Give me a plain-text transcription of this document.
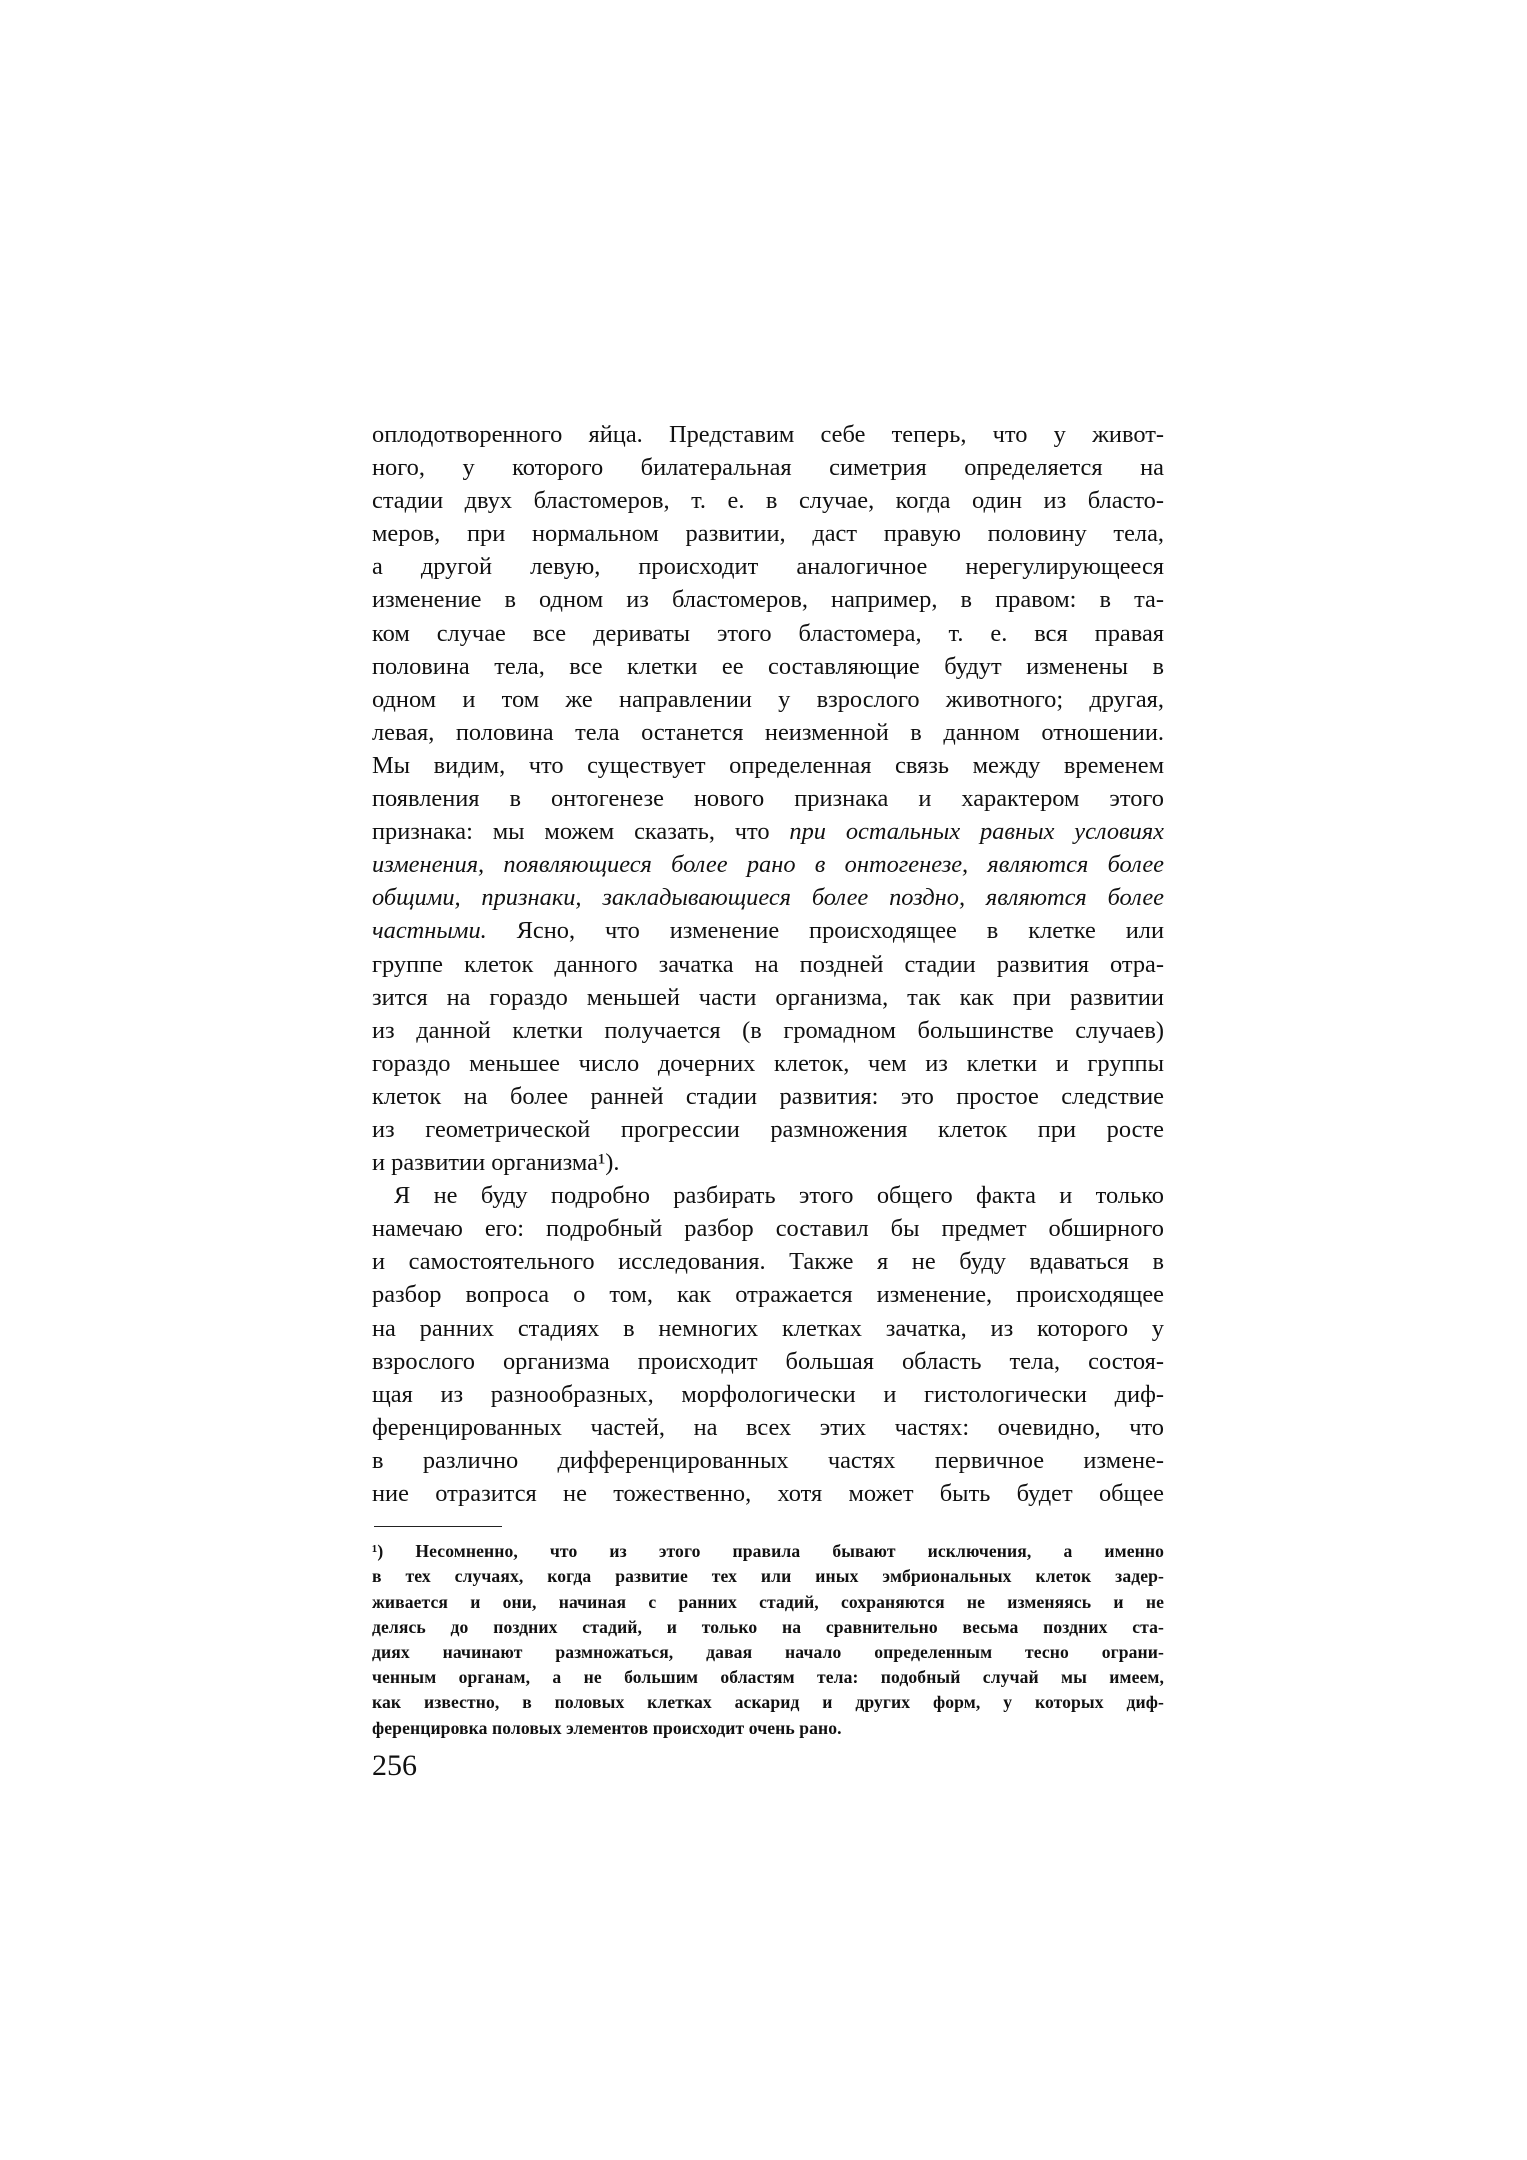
оплодотворенного яйца. Представим себе теперь, что у живот-
ного, у которого билатеральная симетрия определяется на
стадии двух бластомеров, т. е. в случае, когда один из бласто-
меров, при нормальном развитии, даст правую половину тела,
а другой левую, происходит аналогичное нерегулирующееся
изменение в одном из бластомеров, например, в правом: в та-
ком случае все дериваты этого бластомера, т. е. вся правая
половина тела, все клетки ее составляющие будут изменены в
одном и том же направлении у взрослого животного; другая,
левая, половина тела останется неизменной в данном отношении.
Мы видим, что существует определенная связь между временем
появления в онтогенезе нового признака и характером этого
признака: мы можем сказать, что при остальных равных условиях
изменения, появляющиеся более рано в онтогенезе, являются более
общими, признаки, закладывающиеся более поздно, являются более
частными. Ясно, что изменение происходящее в клетке или
группе клеток данного зачатка на поздней стадии развития отра-
зится на гораздо меньшей части организма, так как при развитии
из данной клетки получается (в громадном большинстве случаев)
гораздо меньшее число дочерних клеток, чем из клетки и группы
клеток на более ранней стадии развития: это простое следствие
из геометрической прогрессии размножения клеток при росте
и развитии организма¹).
Я не буду подробно разбирать этого общего факта и только
намечаю его: подробный разбор составил бы предмет обширного
и самостоятельного исследования. Также я не буду вдаваться в
разбор вопроса о том, как отражается изменение, происходящее
на ранних стадиях в немногих клетках зачатка, из которого у
взрослого организма происходит большая область тела, состоя-
щая из разнообразных, морфологически и гистологически диф-
ференцированных частей, на всех этих частях: очевидно, что
в различно дифференцированных частях первичное измене-
ние отразится не тожественно, хотя может быть будет общее
¹) Несомненно, что из этого правила бывают исключения, а именно
в тех случаях, когда развитие тех или иных эмбриональных клеток задер-
живается и они, начиная с ранних стадий, сохраняются не изменяясь и не
делясь до поздних стадий, и только на сравнительно весьма поздних ста-
диях начинают размножаться, давая начало определенным тесно ограни-
ченным органам, а не большим областям тела: подобный случай мы имеем,
как известно, в половых клетках аскарид и других форм, у которых диф-
ференцировка половых элементов происходит очень рано.
256
